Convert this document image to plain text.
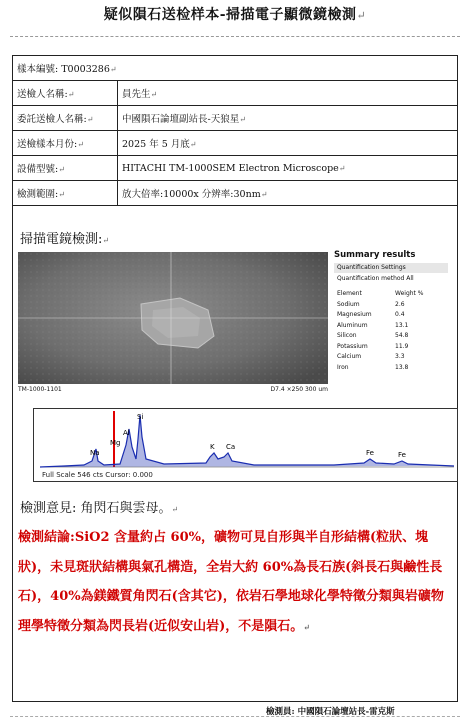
疑似隕石送检样本-掃描電子顯微鏡檢測↵
樣本編號: T0003286↵	
送檢人名稱:↵	員先生↵
委託送檢人名稱:↵	中國隕石論壇副站長-天狼星↵
送檢樣本月份:↵	2025 年 5 月底↵
設備型號:↵	HITACHI TM-1000SEM Electron Microscope↵
檢測範圍:↵	放大倍率:10000x 分辨率:30nm↵
掃描電鏡檢測:↵
TM-1000-1101	D7.4 ×250 300 um
Summary results
Quantification Settings
Quantification method All
Element	Weight %
Sodium	2.6
Magnesium	0.4
Aluminum	13.1
Silicon	54.8
Potassium	11.9
Calcium	3.3
Iron	13.8
Si
Al
Na
Mg	K Ca
Fe	Fe
Full Scale 546 cts Cursor: 0.000
檢測意見: 角閃石與雲母。↵
檢測結論:SiO2 含量約占 60%，礦物可見自形與半自形結構(粒狀、塊狀)，未見斑狀結構與氣孔構造，全岩大約 60%為長石族(斜長石與鹼性長石)，40%為鎂鐵質角閃石(含其它)，依岩石學地球化學特徵分類與岩礦物理學特徵分類為閃長岩(近似安山岩)，不是隕石。↵
檢測員: 中國隕石論壇站長-雷克斯
